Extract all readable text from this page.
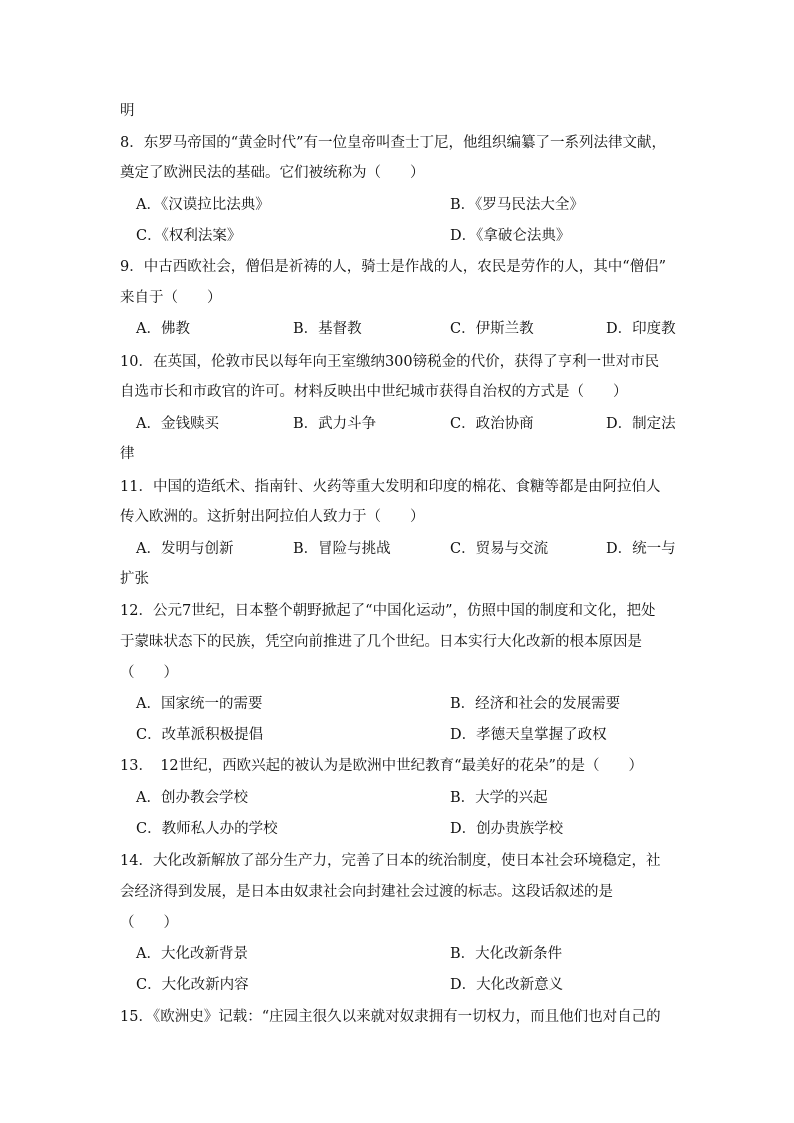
明
8．东罗马帝国的“黄金时代”有一位皇帝叫查士丁尼，他组织编纂了一系列法律文献，
奠定了欧洲民法的基础。它们被统称为（　　）
A．《汉谟拉比法典》	B．《罗马民法大全》
C．《权利法案》	D．《拿破仑法典》
9．中古西欧社会，僧侣是祈祷的人，骑士是作战的人，农民是劳作的人，其中“僧侣”
来自于（　　）
A．佛教	B．基督教	C．伊斯兰教	D．印度教
10．在英国，伦敦市民以每年向王室缴纳300镑税金的代价，获得了亨利一世对市民
自选市长和市政官的许可。材料反映出中世纪城市获得自治权的方式是（　　）
A．金钱赎买	B．武力斗争	C．政治协商	D．制定法
律
11．中国的造纸术、指南针、火药等重大发明和印度的棉花、食糖等都是由阿拉伯人
传入欧洲的。这折射出阿拉伯人致力于（　　）
A．发明与创新	B．冒险与挑战	C．贸易与交流	D．统一与
扩张
12．公元7世纪，日本整个朝野掀起了“中国化运动”，仿照中国的制度和文化，把处
于蒙昧状态下的民族，凭空向前推进了几个世纪。日本实行大化改新的根本原因是
（　　）
A．国家统一的需要	B．经济和社会的发展需要
C．改革派积极提倡	D．孝德天皇掌握了政权
13．　12世纪，西欧兴起的被认为是欧洲中世纪教育“最美好的花朵”的是（　　）
A．创办教会学校	B．大学的兴起
C．教师私人办的学校	D．创办贵族学校
14．大化改新解放了部分生产力，完善了日本的统治制度，使日本社会环境稳定，社
会经济得到发展，是日本由奴隶社会向封建社会过渡的标志。这段话叙述的是
（　　）
A．大化改新背景	B．大化改新条件
C．大化改新内容	D．大化改新意义
15．《欧洲史》记载：“庄园主很久以来就对奴隶拥有一切权力，而且他们也对自己的
